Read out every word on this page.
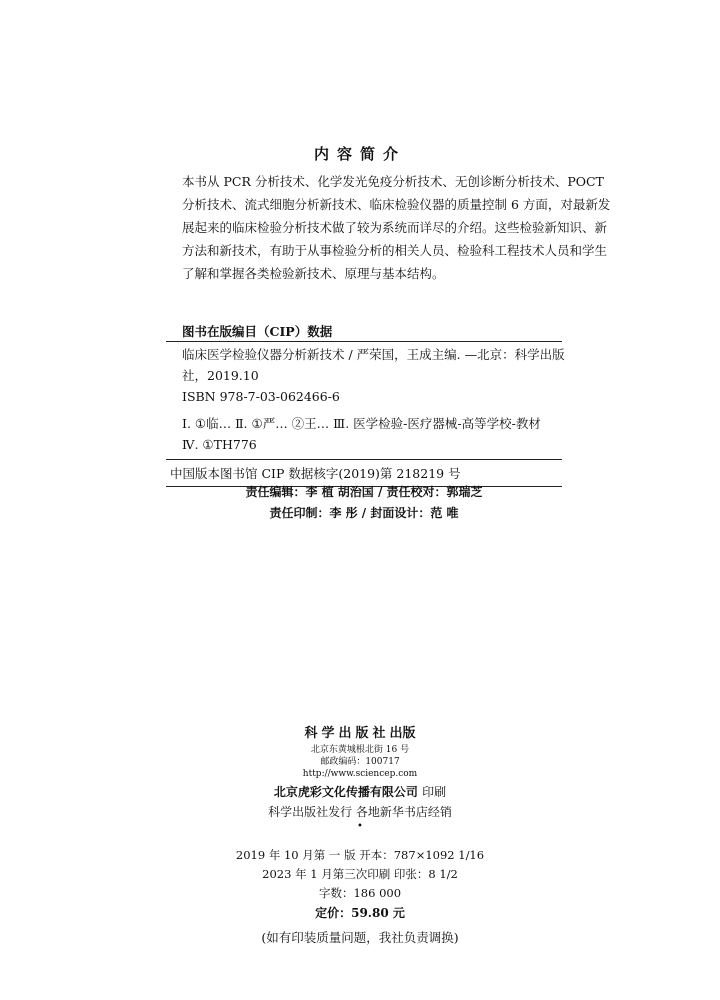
内容简介
本书从 PCR 分析技术、化学发光免疫分析技术、无创诊断分析技术、POCT
分析技术、流式细胞分析新技术、临床检验仪器的质量控制 6 方面，对最新发
展起来的临床检验分析技术做了较为系统而详尽的介绍。这些检验新知识、新
方法和新技术，有助于从事检验分析的相关人员、检验科工程技术人员和学生
了解和掌握各类检验新技术、原理与基本结构。
图书在版编目（CIP）数据
临床医学检验仪器分析新技术 / 严荣国，王成主编. —北京：科学出版
社，2019.10
ISBN 978-7-03-062466-6
Ⅰ. ①临… Ⅱ. ①严… ②王… Ⅲ. 医学检验-医疗器械-高等学校-教材
Ⅳ. ①TH776
中国版本图书馆 CIP 数据核字(2019)第 218219 号
责任编辑：李 植 胡治国 / 责任校对：郭瑞芝
责任印制：李 彤 / 封面设计：范 唯
科学出版社出版
北京东黄城根北街 16 号
邮政编码：100717
http://www.sciencep.com
北京虎彩文化传播有限公司 印刷
科学出版社发行 各地新华书店经销
•
2019 年 10 月第 一 版 开本：787×1092 1/16
2023 年 1 月第三次印刷 印张：8 1/2
字数：186 000
定价：59.80 元
(如有印装质量问题，我社负责调换)
